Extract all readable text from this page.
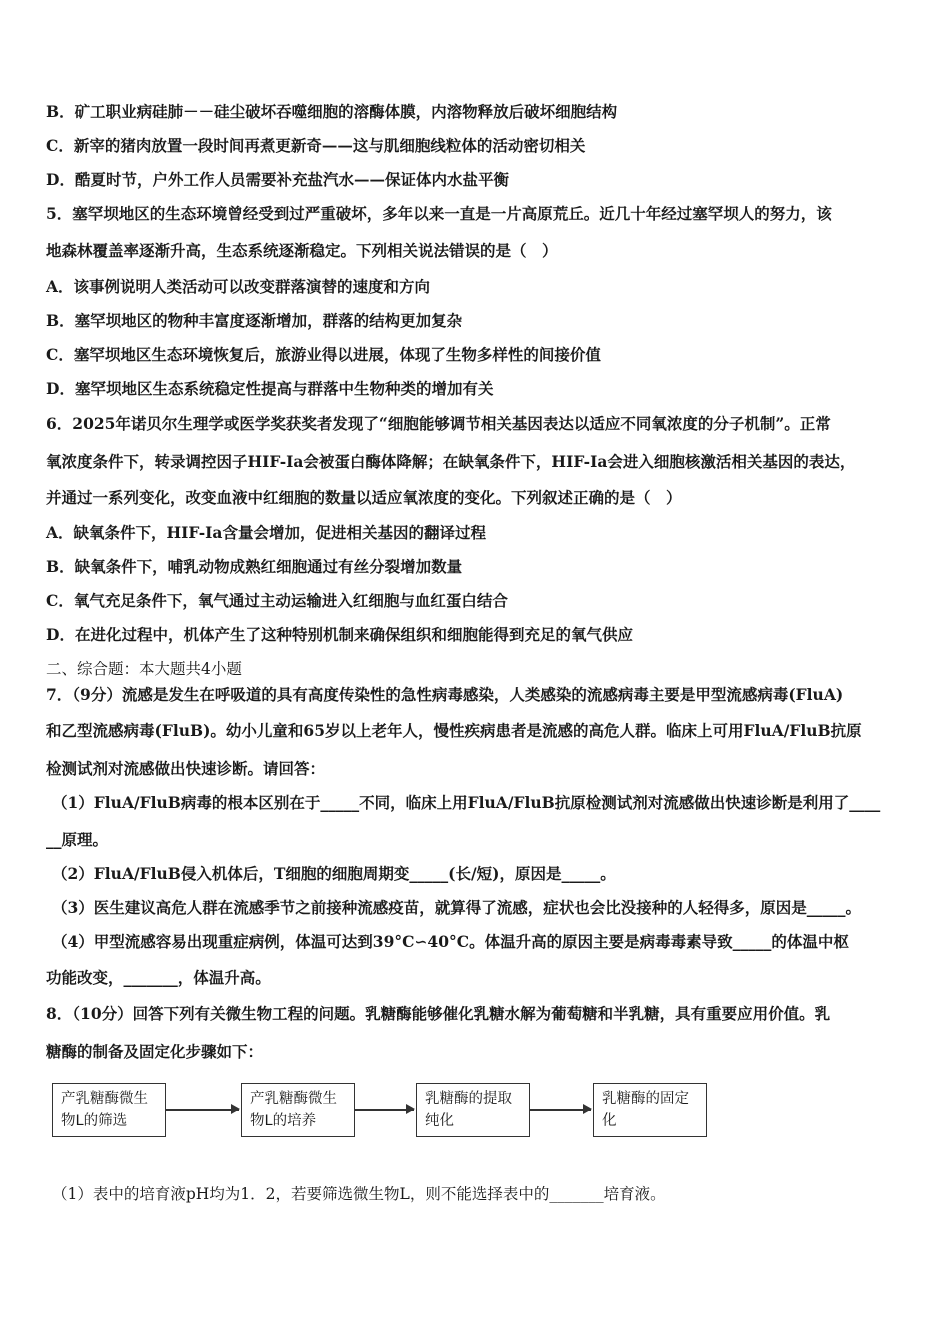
B．矿工职业病硅肺－－硅尘破坏吞噬细胞的溶酶体膜，内溶物释放后破坏细胞结构
C．新宰的猪肉放置一段时间再煮更新奇——这与肌细胞线粒体的活动密切相关
D．酷夏时节，户外工作人员需要补充盐汽水——保证体内水盐平衡
5．塞罕坝地区的生态环境曾经受到过严重破坏，多年以来一直是一片高原荒丘。近几十年经过塞罕坝人的努力，该
地森林覆盖率逐渐升高，生态系统逐渐稳定。下列相关说法错误的是（　）
A．该事例说明人类活动可以改变群落演替的速度和方向
B．塞罕坝地区的物种丰富度逐渐增加，群落的结构更加复杂
C．塞罕坝地区生态环境恢复后，旅游业得以进展，体现了生物多样性的间接价值
D．塞罕坝地区生态系统稳定性提高与群落中生物种类的增加有关
6．2025年诺贝尔生理学或医学奖获奖者发现了“细胞能够调节相关基因表达以适应不同氧浓度的分子机制”。正常
氧浓度条件下，转录调控因子HIF-Ia会被蛋白酶体降解；在缺氧条件下，HIF-Ia会进入细胞核激活相关基因的表达，
并通过一系列变化，改变血液中红细胞的数量以适应氧浓度的变化。下列叙述正确的是（　）
A．缺氧条件下，HIF-Ia含量会增加，促进相关基因的翻译过程
B．缺氧条件下，哺乳动物成熟红细胞通过有丝分裂增加数量
C．氧气充足条件下，氧气通过主动运输进入红细胞与血红蛋白结合
D．在进化过程中，机体产生了这种特别机制来确保组织和细胞能得到充足的氧气供应
二、综合题：本大题共4小题
7．（9分）流感是发生在呼吸道的具有高度传染性的急性病毒感染，人类感染的流感病毒主要是甲型流感病毒(FluA)
和乙型流感病毒(FluB)。幼小儿童和65岁以上老年人，慢性疾病患者是流感的高危人群。临床上可用FluA/FluB抗原
检测试剂对流感做出快速诊断。请回答：
（1）FluA/FluB病毒的根本区别在于_____不同，临床上用FluA/FluB抗原检测试剂对流感做出快速诊断是利用了____
__原理。
（2）FluA/FluB侵入机体后，T细胞的细胞周期变_____(长/短)，原因是_____。
（3）医生建议高危人群在流感季节之前接种流感疫苗，就算得了流感，症状也会比没接种的人轻得多，原因是_____。
（4）甲型流感容易出现重症病例，体温可达到39°C∽40°C。体温升高的原因主要是病毒毒素导致_____的体温中枢
功能改变，_______，体温升高。
8．（10分）回答下列有关微生物工程的问题。乳糖酶能够催化乳糖水解为葡萄糖和半乳糖，具有重要应用价值。乳
糖酶的制备及固定化步骤如下：
产乳糖酶微生物L的筛选
产乳糖酶微生物L的培养
乳糖酶的提取纯化
乳糖酶的固定化
（1）表中的培育液pH均为1．2，若要筛选微生物L，则不能选择表中的_______培育液。
